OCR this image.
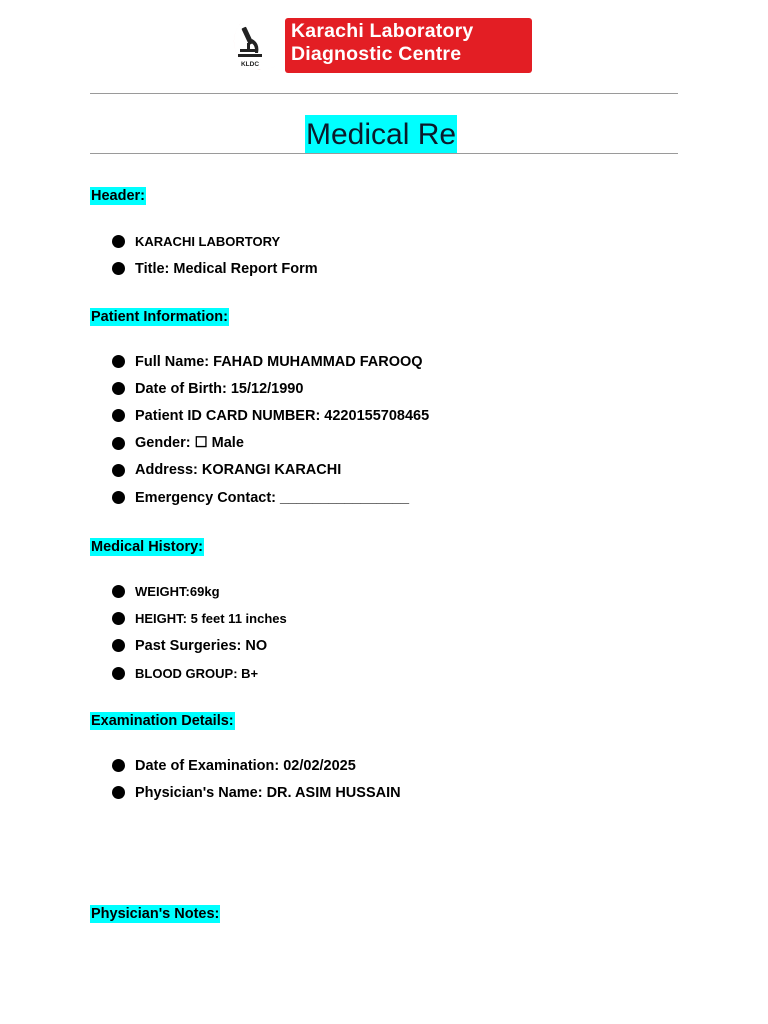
KLDC
Karachi Laboratory
Diagnostic Сentre
Medical Re
Header:
KARACHI LABORTORY
Title: Medical Report Form
Patient Information:
Full Name: FAHAD MUHAMMAD FAROOQ
Date of Birth: 15/12/1990
Patient ID CARD NUMBER: 4220155708465
Gender: ☐ Male
Address: KORANGI KARACHI
Emergency Contact: ________________
Medical History:
WEIGHT:69kg
HEIGHT: 5 feet 11 inches
Past Surgeries: NO
BLOOD GROUP: B+
Examination Details:
Date of Examination: 02/02/2025
Physician's Name: DR. ASIM HUSSAIN
Physician's Notes:
